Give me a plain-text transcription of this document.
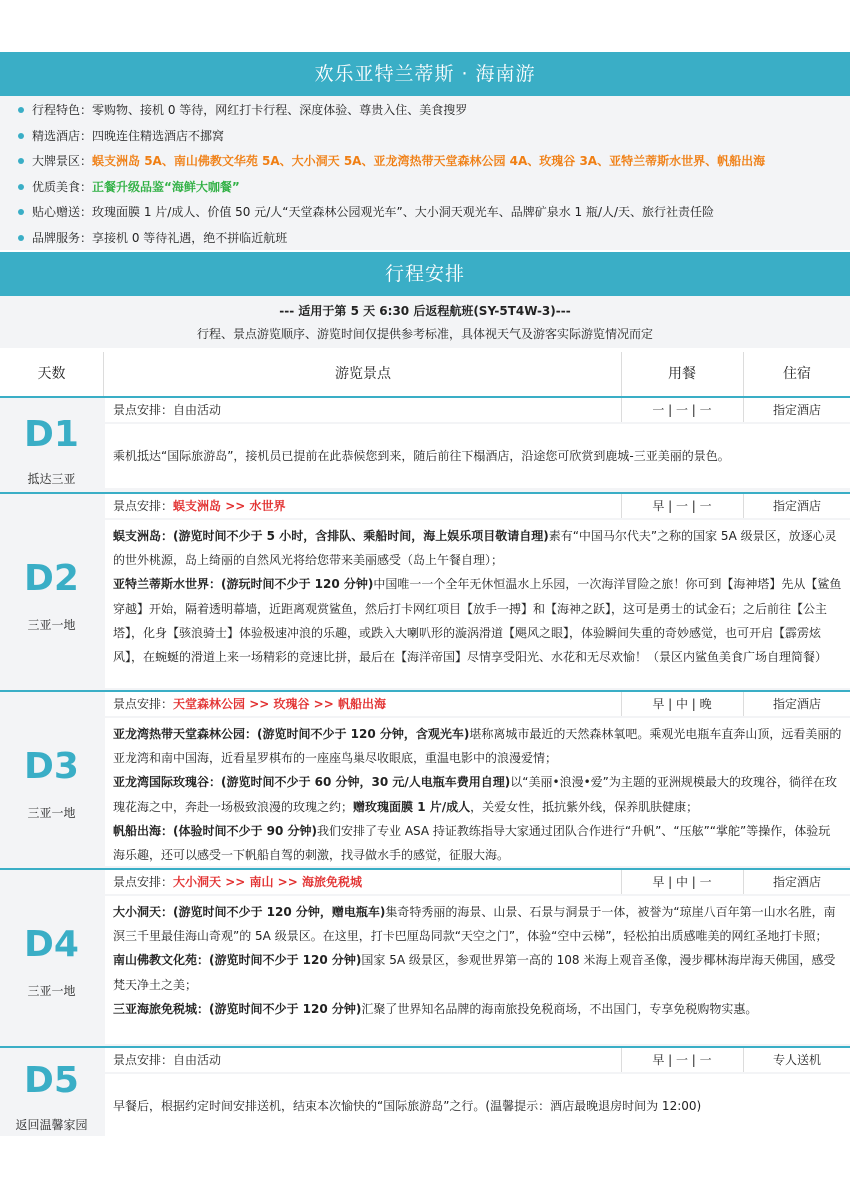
欢乐亚特兰蒂斯 · 海南游
行程特色：零购物、接机 0 等待，网红打卡行程、深度体验、尊贵入住、美食搜罗
精选酒店：四晚连住精选酒店不挪窝
大牌景区：蜈支洲岛 5A、南山佛教文华苑 5A、大小洞天 5A、亚龙湾热带天堂森林公园 4A、玫瑰谷 3A、亚特兰蒂斯水世界、帆船出海
优质美食：正餐升级品鉴“海鲜大咖餐”
贴心赠送：玫瑰面膜 1 片/成人、价值 50 元/人“天堂森林公园观光车”、大小洞天观光车、品牌矿泉水 1 瓶/人/天、旅行社责任险
品牌服务：享接机 0 等待礼遇，绝不拼临近航班
行程安排
--- 适用于第 5 天 6:30 后返程航班(SY-5T4W-3)---
行程、景点游览顺序、游览时间仅提供参考标准，具体视天气及游客实际游览情况而定
天数	游览景点	用餐	住宿
D1
抵达三亚
景点安排：自由活动	一 | 一 | 一	指定酒店
乘机抵达“国际旅游岛”，接机员已提前在此恭候您到来，随后前往下榻酒店，沿途您可欣赏到鹿城-三亚美丽的景色。
D2
三亚一地
景点安排：蜈支洲岛 >> 水世界	早 | 一 | 一	指定酒店
蜈支洲岛：(游览时间不少于 5 小时，含排队、乘船时间，海上娱乐项目敬请自理)素有“中国马尔代夫”之称的国家 5A 级景区，放逐心灵的世外桃源，岛上绮丽的自然风光将给您带来美丽感受（岛上午餐自理）；
亚特兰蒂斯水世界：(游玩时间不少于 120 分钟)中国唯一一个全年无休恒温水上乐园，一次海洋冒险之旅！你可到【海神塔】先从【鲨鱼穿越】开始，隔着透明幕墙，近距离观赏鲨鱼，然后打卡网红项目【放手一搏】和【海神之跃】，这可是勇士的试金石；之后前往【公主塔】，化身【骇浪骑士】体验极速冲浪的乐趣，或跌入大喇叭形的漩涡滑道【飓风之眼】，体验瞬间失重的奇妙感觉，也可开启【霹雳炫风】，在蜿蜒的滑道上来一场精彩的竞速比拼，最后在【海洋帝国】尽情享受阳光、水花和无尽欢愉！（景区内鲨鱼美食广场自理简餐）
D3
三亚一地
景点安排：天堂森林公园 >> 玫瑰谷 >> 帆船出海	早 | 中 | 晚	指定酒店
亚龙湾热带天堂森林公园：(游览时间不少于 120 分钟，含观光车)堪称离城市最近的天然森林氧吧。乘观光电瓶车直奔山顶，远看美丽的亚龙湾和南中国海，近看星罗棋布的一座座鸟巢尽收眼底，重温电影中的浪漫爱情；
亚龙湾国际玫瑰谷：(游览时间不少于 60 分钟，30 元/人电瓶车费用自理)以“美丽•浪漫•爱”为主题的亚洲规模最大的玫瑰谷，徜徉在玫瑰花海之中，奔赴一场极致浪漫的玫瑰之约；赠玫瑰面膜 1 片/成人，关爱女性，抵抗紫外线，保养肌肤健康；
帆船出海：(体验时间不少于 90 分钟)我们安排了专业 ASA 持证教练指导大家通过团队合作进行“升帆”、“压舷”“掌舵”等操作，体验玩海乐趣，还可以感受一下帆船自驾的刺激，找寻做水手的感觉，征服大海。
D4
三亚一地
景点安排：大小洞天 >> 南山 >> 海旅免税城	早 | 中 | 一	指定酒店
大小洞天：(游览时间不少于 120 分钟，赠电瓶车)集奇特秀丽的海景、山景、石景与洞景于一体，被誉为“琼崖八百年第一山水名胜，南溟三千里最佳海山奇观”的 5A 级景区。在这里，打卡巴厘岛同款“天空之门”，体验“空中云梯”，轻松拍出质感唯美的网红圣地打卡照；
南山佛教文化苑：(游览时间不少于 120 分钟)国家 5A 级景区，参观世界第一高的 108 米海上观音圣像，漫步椰林海岸海天佛国，感受梵天净土之美；
三亚海旅免税城：(游览时间不少于 120 分钟)汇聚了世界知名品牌的海南旅投免税商场，不出国门，专享免税购物实惠。
D5
返回温馨家园
景点安排：自由活动	早 | 一 | 一	专人送机
早餐后，根据约定时间安排送机，结束本次愉快的“国际旅游岛”之行。(温馨提示：酒店最晚退房时间为 12:00)
